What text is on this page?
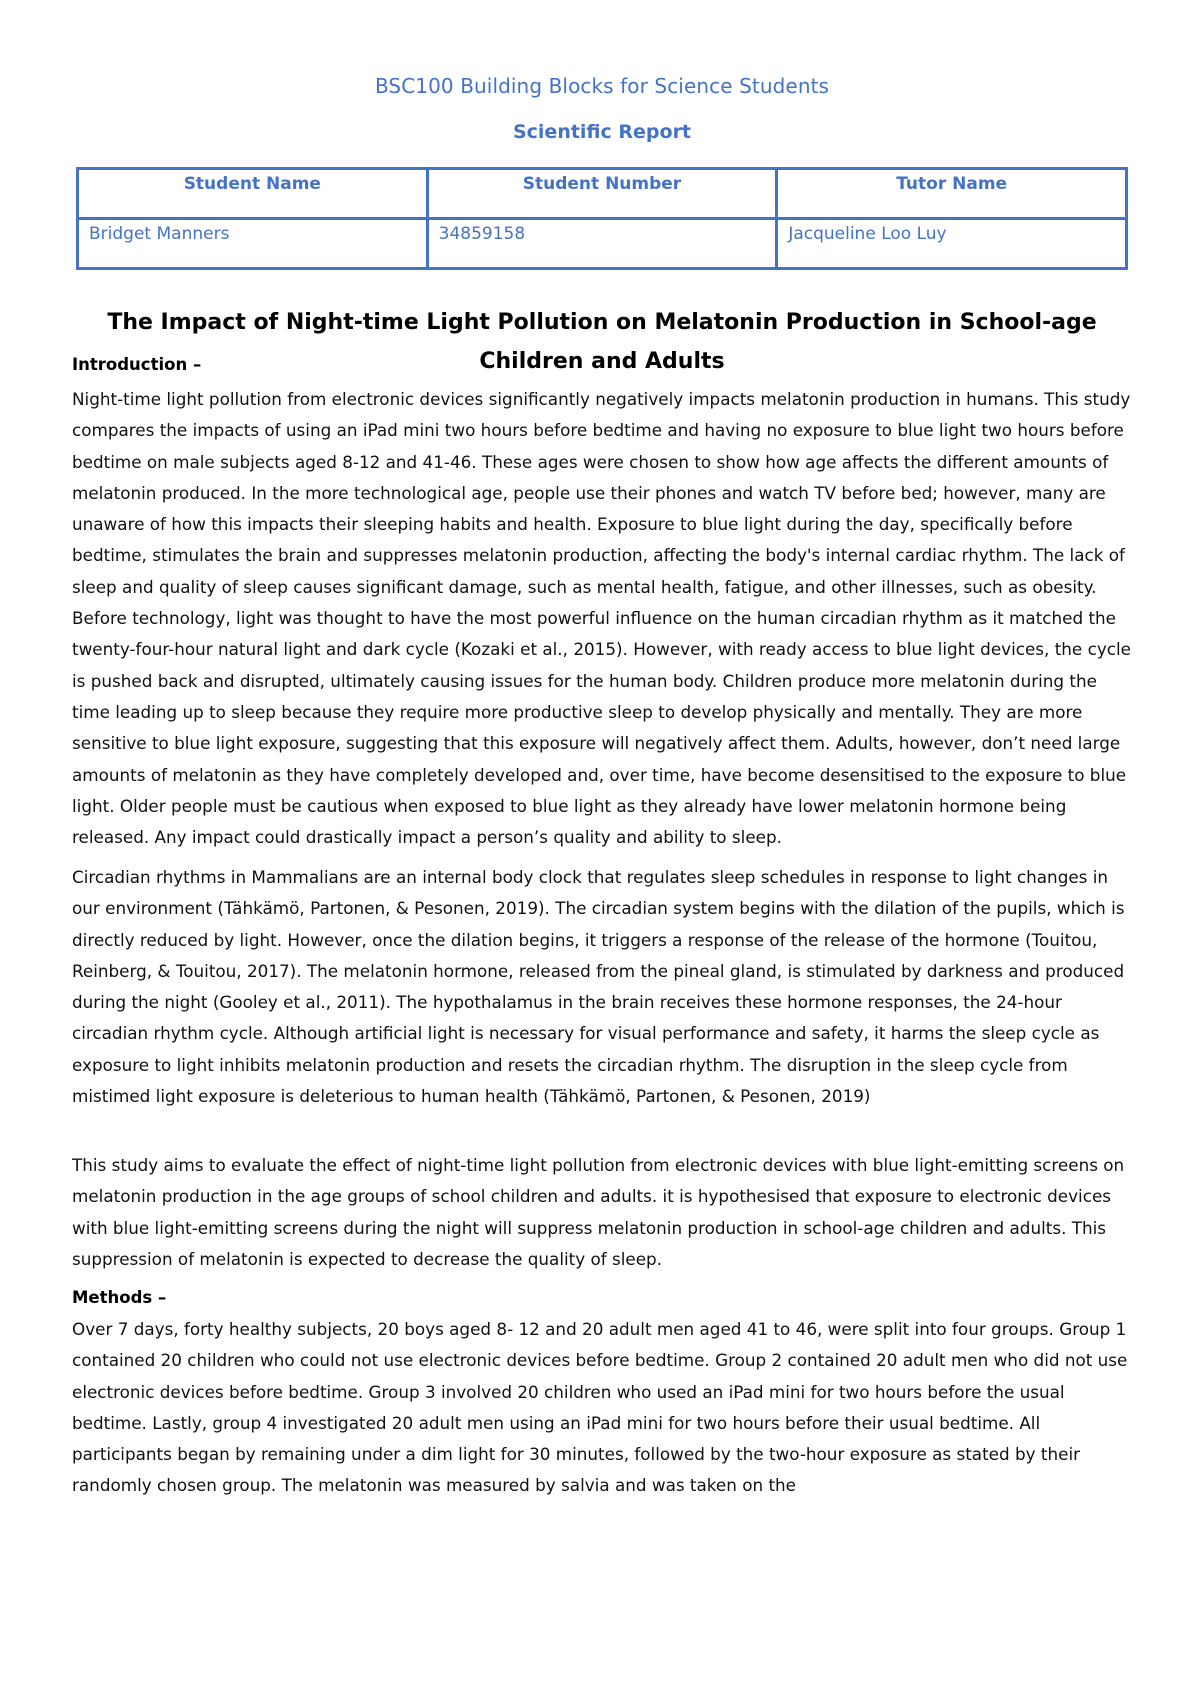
BSC100 Building Blocks for Science Students
Scientific Report
Student Name	Student Number	Tutor Name
Bridget Manners	34859158	Jacqueline Loo Luy
The Impact of Night-time Light Pollution on Melatonin Production in School-age Children and Adults
Introduction –
Night-time light pollution from electronic devices significantly negatively impacts melatonin production in humans. This study compares the impacts of using an iPad mini two hours before bedtime and having no exposure to blue light two hours before bedtime on male subjects aged 8-12 and 41-46. These ages were chosen to show how age affects the different amounts of melatonin produced. In the more technological age, people use their phones and watch TV before bed; however, many are unaware of how this impacts their sleeping habits and health. Exposure to blue light during the day, specifically before bedtime, stimulates the brain and suppresses melatonin production, affecting the body's internal cardiac rhythm. The lack of sleep and quality of sleep causes significant damage, such as mental health, fatigue, and other illnesses, such as obesity. Before technology, light was thought to have the most powerful influence on the human circadian rhythm as it matched the twenty-four-hour natural light and dark cycle (Kozaki et al., 2015). However, with ready access to blue light devices, the cycle is pushed back and disrupted, ultimately causing issues for the human body. Children produce more melatonin during the time leading up to sleep because they require more productive sleep to develop physically and mentally. They are more sensitive to blue light exposure, suggesting that this exposure will negatively affect them. Adults, however, don’t need large amounts of melatonin as they have completely developed and, over time, have become desensitised to the exposure to blue light. Older people must be cautious when exposed to blue light as they already have lower melatonin hormone being released. Any impact could drastically impact a person’s quality and ability to sleep.
Circadian rhythms in Mammalians are an internal body clock that regulates sleep schedules in response to light changes in our environment (Tähkämö, Partonen, & Pesonen, 2019). The circadian system begins with the dilation of the pupils, which is directly reduced by light. However, once the dilation begins, it triggers a response of the release of the hormone (Touitou, Reinberg, & Touitou, 2017). The melatonin hormone, released from the pineal gland, is stimulated by darkness and produced during the night (Gooley et al., 2011). The hypothalamus in the brain receives these hormone responses, the 24-hour circadian rhythm cycle. Although artificial light is necessary for visual performance and safety, it harms the sleep cycle as exposure to light inhibits melatonin production and resets the circadian rhythm. The disruption in the sleep cycle from mistimed light exposure is deleterious to human health (Tähkämö, Partonen, & Pesonen, 2019)
This study aims to evaluate the effect of night-time light pollution from electronic devices with blue light-emitting screens on melatonin production in the age groups of school children and adults. it is hypothesised that exposure to electronic devices with blue light-emitting screens during the night will suppress melatonin production in school-age children and adults. This suppression of melatonin is expected to decrease the quality of sleep.
Methods –
Over 7 days, forty healthy subjects, 20 boys aged 8- 12 and 20 adult men aged 41 to 46, were split into four groups. Group 1 contained 20 children who could not use electronic devices before bedtime. Group 2 contained 20 adult men who did not use electronic devices before bedtime. Group 3 involved 20 children who used an iPad mini for two hours before the usual bedtime. Lastly, group 4 investigated 20 adult men using an iPad mini for two hours before their usual bedtime. All participants began by remaining under a dim light for 30 minutes, followed by the two-hour exposure as stated by their randomly chosen group. The melatonin was measured by salvia and was taken on the
